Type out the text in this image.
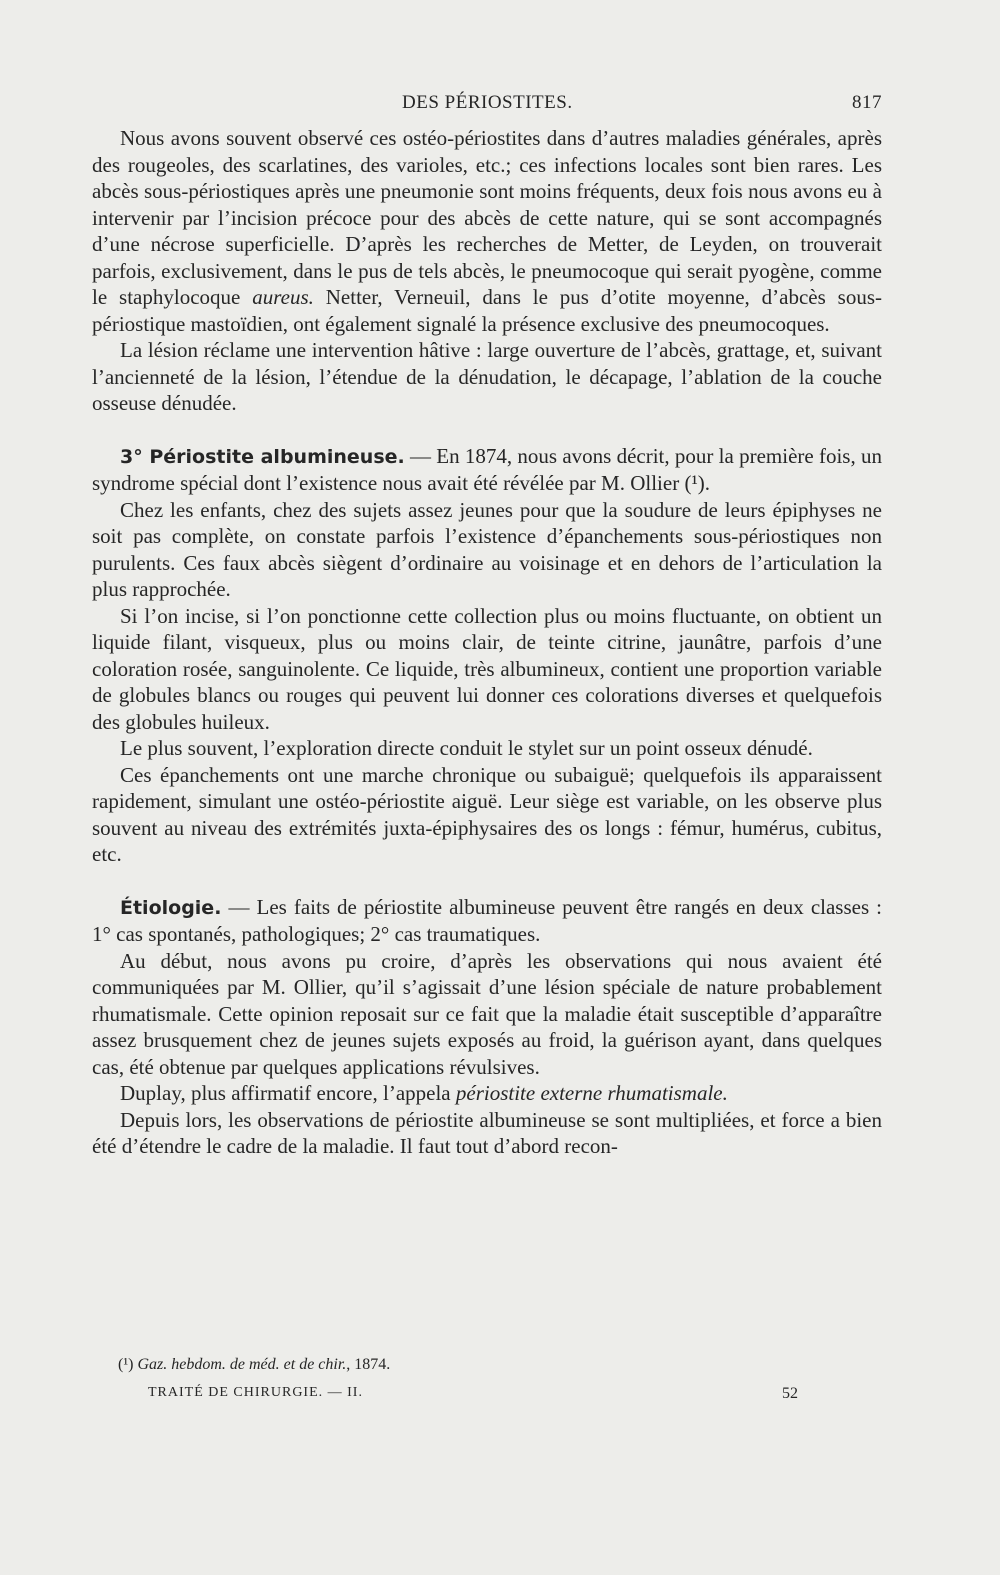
DES PÉRIOSTITES.	817

Nous avons souvent observé ces ostéo-périostites dans d’autres maladies générales, après des rougeoles, des scarlatines, des varioles, etc.; ces infections locales sont bien rares. Les abcès sous-périostiques après une pneumonie sont moins fréquents, deux fois nous avons eu à intervenir par l’incision précoce pour des abcès de cette nature, qui se sont accompagnés d’une nécrose superficielle. D’après les recherches de Metter, de Leyden, on trouverait parfois, exclusivement, dans le pus de tels abcès, le pneumocoque qui serait pyogène, comme le staphylocoque aureus. Netter, Verneuil, dans le pus d’otite moyenne, d’abcès sous-périostique mastoïdien, ont également signalé la présence exclusive des pneumocoques.

La lésion réclame une intervention hâtive : large ouverture de l’abcès, grattage, et, suivant l’ancienneté de la lésion, l’étendue de la dénudation, le décapage, l’ablation de la couche osseuse dénudée.

3° Périostite albumineuse. — En 1874, nous avons décrit, pour la première fois, un syndrome spécial dont l’existence nous avait été révélée par M. Ollier (¹).

Chez les enfants, chez des sujets assez jeunes pour que la soudure de leurs épiphyses ne soit pas complète, on constate parfois l’existence d’épanchements sous-périostiques non purulents. Ces faux abcès siègent d’ordinaire au voisinage et en dehors de l’articulation la plus rapprochée.

Si l’on incise, si l’on ponctionne cette collection plus ou moins fluctuante, on obtient un liquide filant, visqueux, plus ou moins clair, de teinte citrine, jaunâtre, parfois d’une coloration rosée, sanguinolente. Ce liquide, très albumineux, contient une proportion variable de globules blancs ou rouges qui peuvent lui donner ces colorations diverses et quelquefois des globules huileux.

Le plus souvent, l’exploration directe conduit le stylet sur un point osseux dénudé.

Ces épanchements ont une marche chronique ou subaiguë; quelquefois ils apparaissent rapidement, simulant une ostéo-périostite aiguë. Leur siège est variable, on les observe plus souvent au niveau des extrémités juxta-épiphysaires des os longs : fémur, humérus, cubitus, etc.

Étiologie. — Les faits de périostite albumineuse peuvent être rangés en deux classes : 1° cas spontanés, pathologiques; 2° cas traumatiques.

Au début, nous avons pu croire, d’après les observations qui nous avaient été communiquées par M. Ollier, qu’il s’agissait d’une lésion spéciale de nature probablement rhumatismale. Cette opinion reposait sur ce fait que la maladie était susceptible d’apparaître assez brusquement chez de jeunes sujets exposés au froid, la guérison ayant, dans quelques cas, été obtenue par quelques applications révulsives.

Duplay, plus affirmatif encore, l’appela périostite externe rhumatismale.

Depuis lors, les observations de périostite albumineuse se sont multipliées, et force a bien été d’étendre le cadre de la maladie. Il faut tout d’abord recon-

(¹) Gaz. hebdom. de méd. et de chir., 1874.
TRAITÉ DE CHIRURGIE. — II.	52
